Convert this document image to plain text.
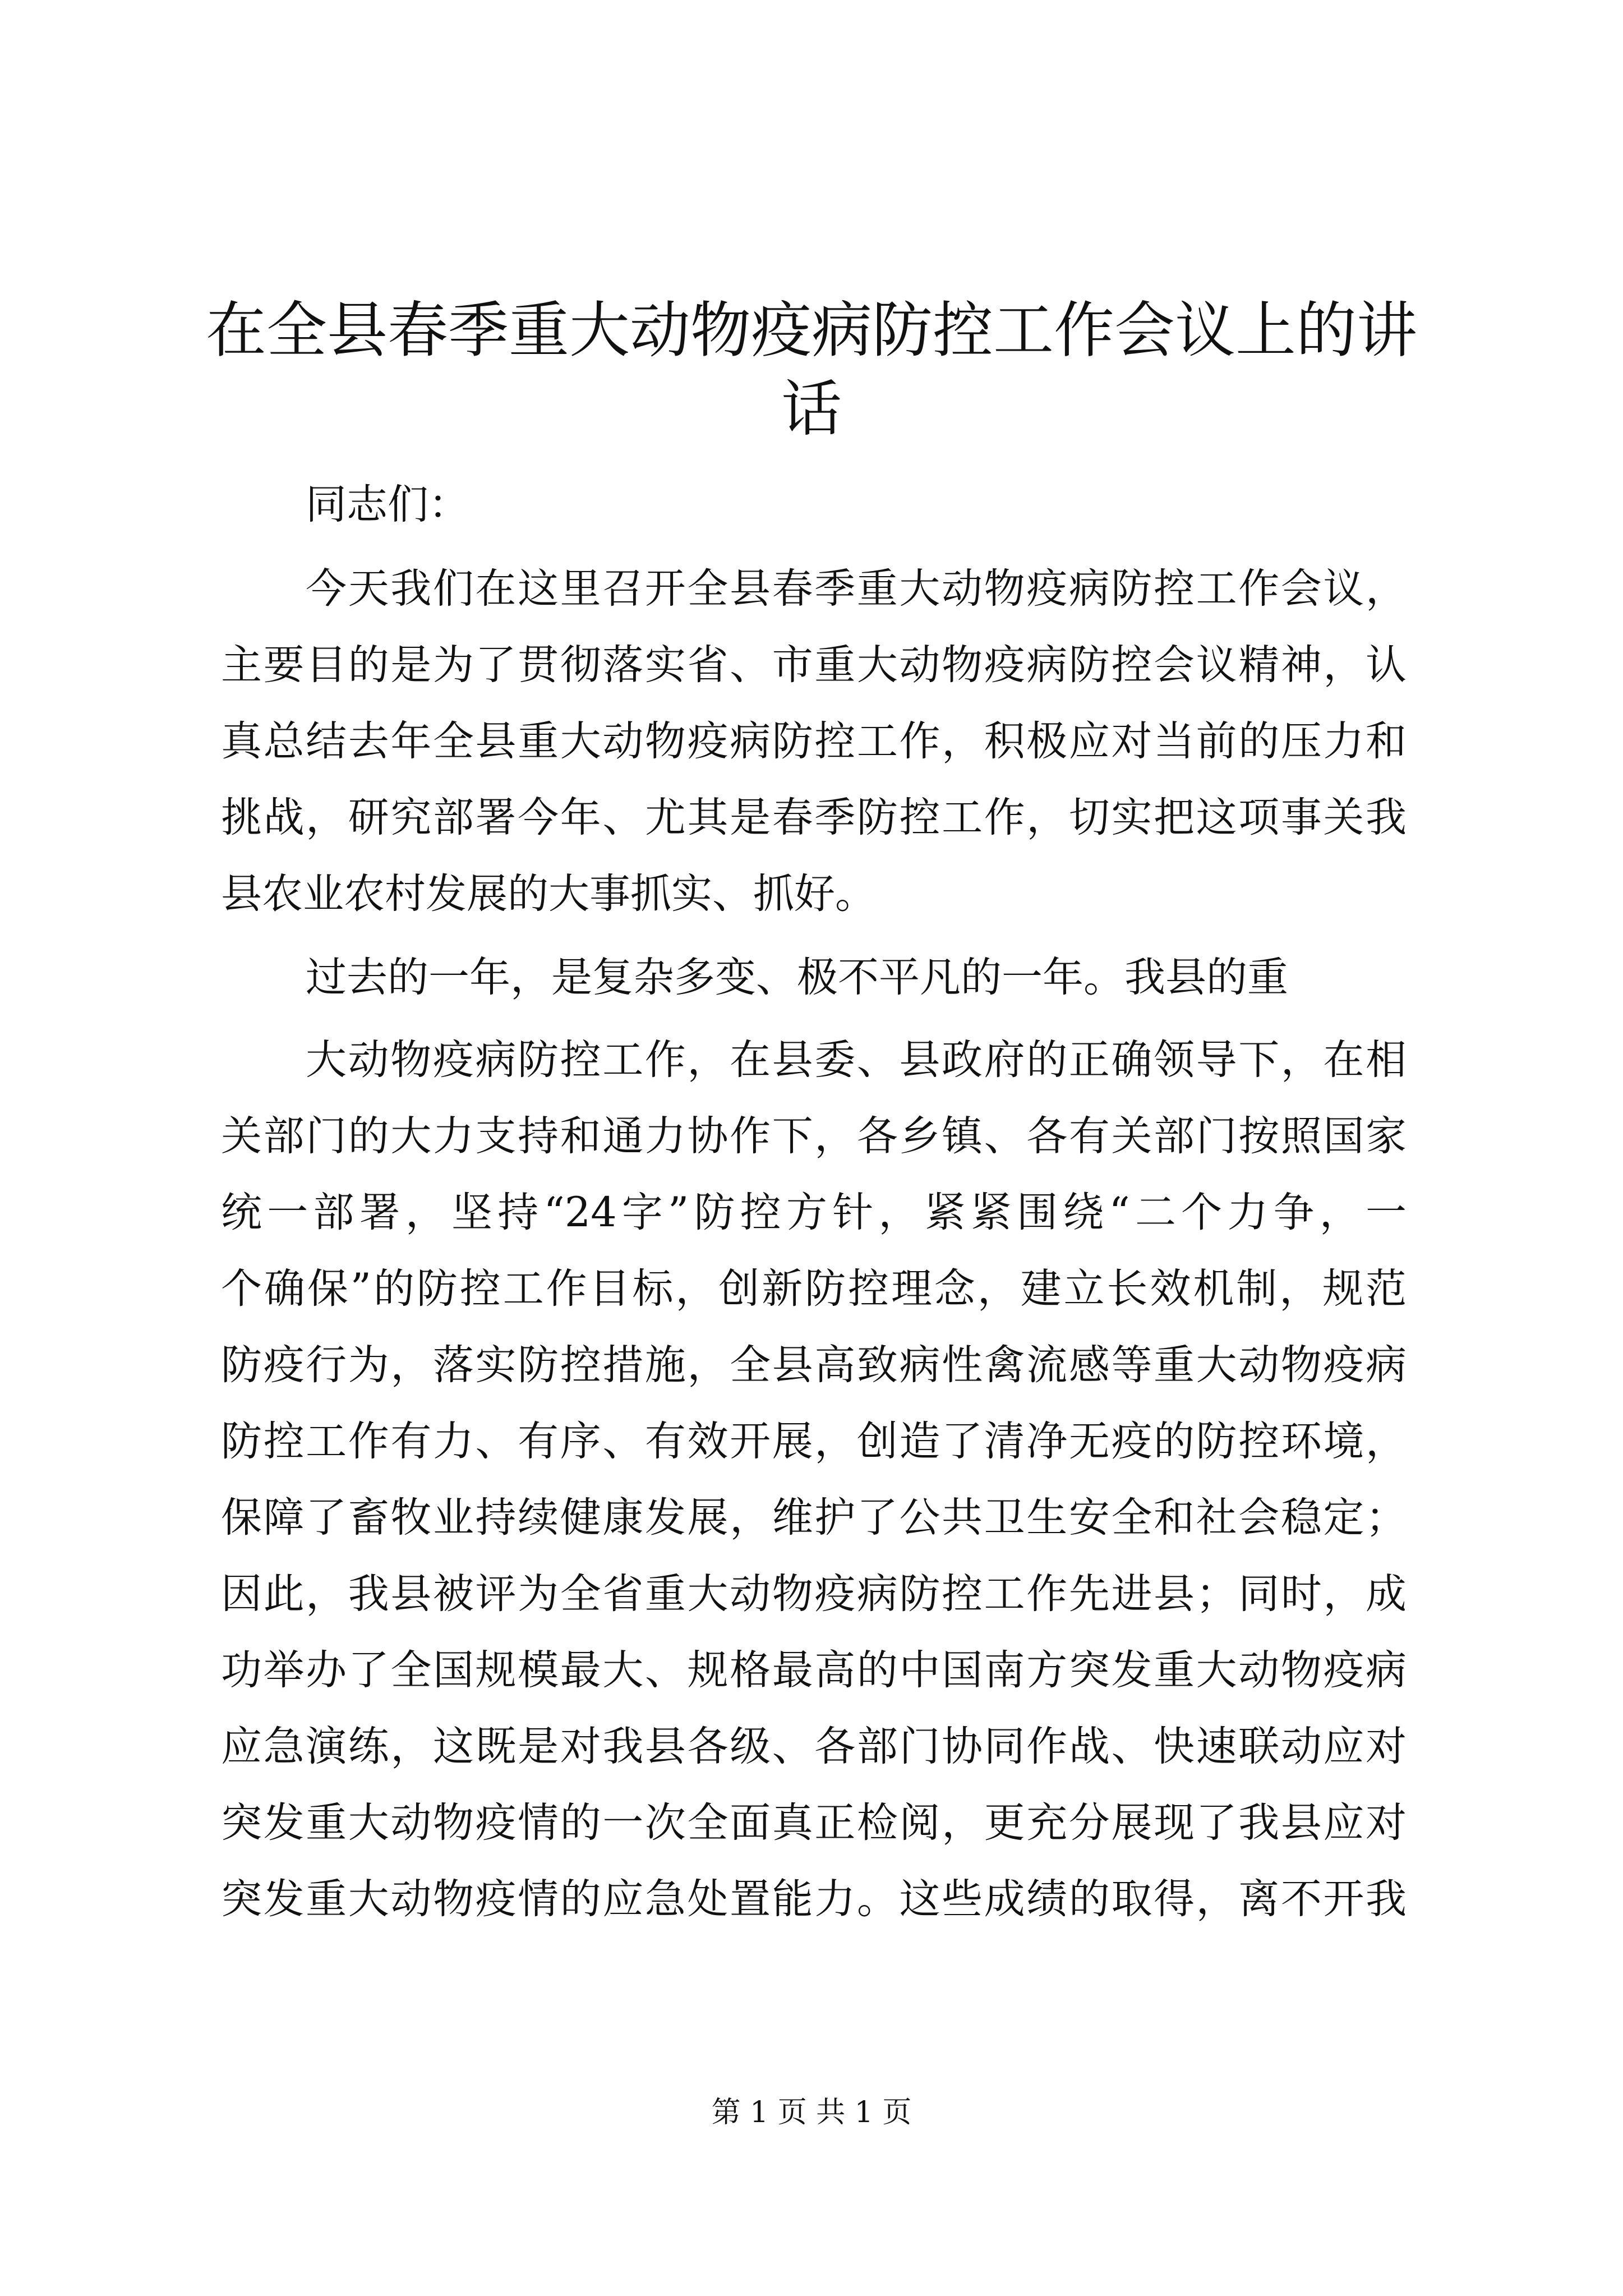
在全县春季重大动物疫病防控工作会议上的讲
话

同志们：

今天我们在这里召开全县春季重大动物疫病防控工作会议，

主要目的是为了贯彻落实省、市重大动物疫病防控会议精神，认

真总结去年全县重大动物疫病防控工作，积极应对当前的压力和

挑战，研究部署今年、尤其是春季防控工作，切实把这项事关我

县农业农村发展的大事抓实、抓好。

过去的一年，是复杂多变、极不平凡的一年。我县的重

大动物疫病防控工作，在县委、县政府的正确领导下，在相

关部门的大力支持和通力协作下，各乡镇、各有关部门按照国家

统一部署，坚持“24字”防控方针，紧紧围绕“二个力争，一

个确保”的防控工作目标，创新防控理念，建立长效机制，规范

防疫行为，落实防控措施，全县高致病性禽流感等重大动物疫病

防控工作有力、有序、有效开展，创造了清净无疫的防控环境，

保障了畜牧业持续健康发展，维护了公共卫生安全和社会稳定；

因此，我县被评为全省重大动物疫病防控工作先进县；同时，成

功举办了全国规模最大、规格最高的中国南方突发重大动物疫病

应急演练，这既是对我县各级、各部门协同作战、快速联动应对

突发重大动物疫情的一次全面真正检阅，更充分展现了我县应对

突发重大动物疫情的应急处置能力。这些成绩的取得，离不开我

第 1 页 共 1 页
